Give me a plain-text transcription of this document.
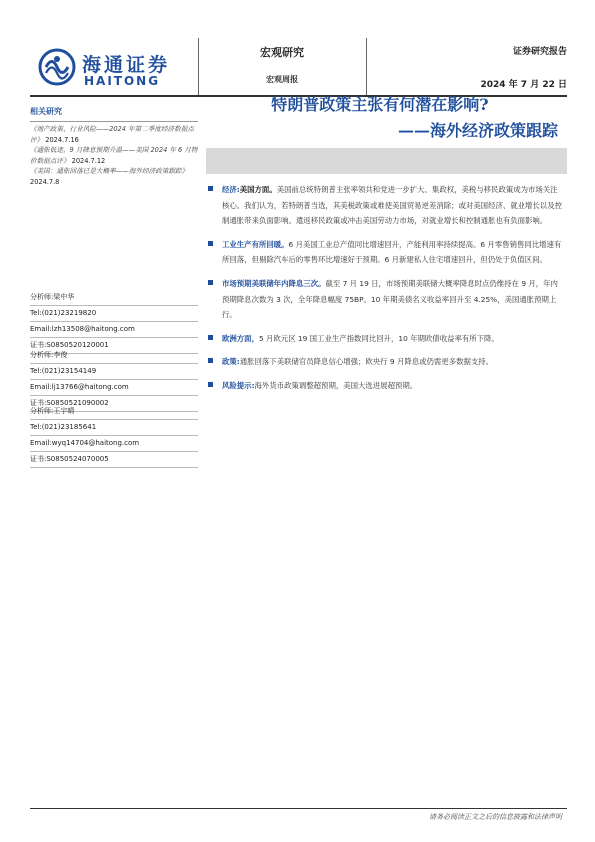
海通证券
HAITONG
宏观研究
宏观周报
证券研究报告
2024 年 7 月 22 日
特朗普政策主张有何潜在影响?
——海外经济政策跟踪
相关研究
《地产政策、行业风险——2024 年第二季度经济数据点评》 2024.7.16
《通胀低迷，9 月降息预期升温——美国 2024 年 6 月物价数据点评》 2024.7.12
《美国：通胀回落已是大概率——海外经济政策跟踪》 2024.7.8
分析师:梁中华
Tel:(021)23219820
Email:lzh13508@haitong.com
证书:S0850520120001
分析师:李俊
Tel:(021)23154149
Email:lj13766@haitong.com
证书:S0850521090002
分析师:王宇晴
Tel:(021)23185641
Email:wyq14704@haitong.com
证书:S0850524070005
经济:美国方面。美国前总统特朗普主张率领共和党进一步扩大、集政权，美税与移民政策成为市场关注核心。我们认为，若特朗普当选，其美税政策或难使美国贸易逆差消除；或对美国经济、就业增长以及控制通胀带来负面影响。遣返移民政策或冲击美国劳动力市场，对就业增长和控制通胀也有负面影响。
工业生产有所回暖。6 月美国工业总产值同比增速回升，产能利用率持续提高。6 月零售销售同比增速有所回落，但剔除汽车后的零售环比增速好于预期。6 月新建私人住宅增速回升，但仍处于负值区间。
市场预期美联储年内降息三次。截至 7 月 19 日，市场预期美联储大概率降息时点仍维持在 9 月，年内预期降息次数为 3 次，全年降息幅度 75BP。10 年期美债名义收益率回升至 4.25%，美国通胀预期上行。
欧洲方面，5 月欧元区 19 国工业生产指数同比回升，10 年期欧债收益率有所下降。
政策:通胀回落下美联储官员降息信心增强；欧央行 9 月降息或仍需更多数据支持。
风险提示:海外货币政策调整超预期，美国大选进展超预期。
请务必阅读正文之后的信息披露和法律声明
